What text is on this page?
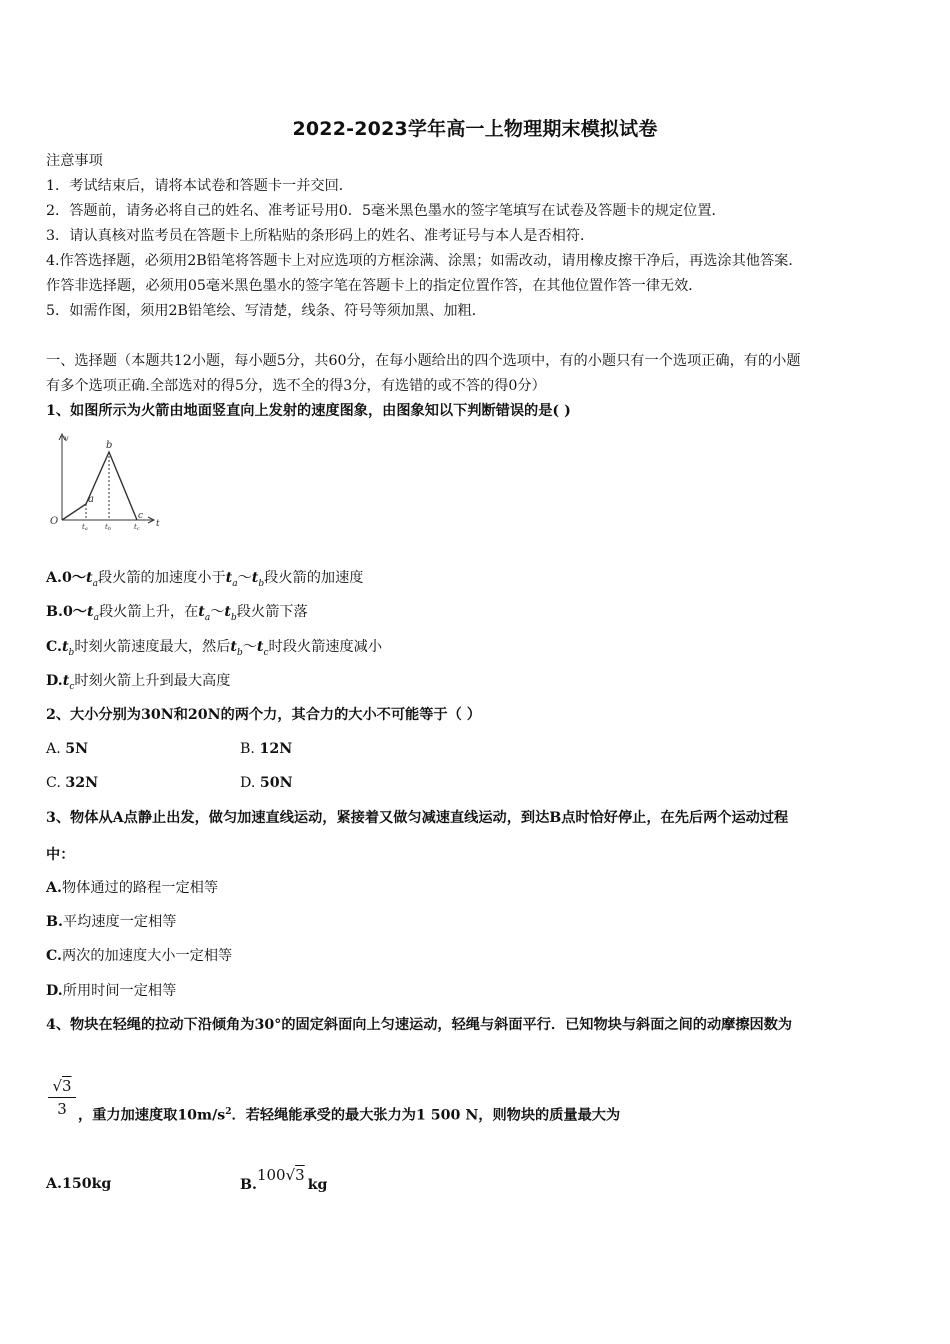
2022-2023学年高一上物理期末模拟试卷
注意事项
1．考试结束后，请将本试卷和答题卡一并交回．
2．答题前，请务必将自己的姓名、准考证号用0．5毫米黑色墨水的签字笔填写在试卷及答题卡的规定位置．
3．请认真核对监考员在答题卡上所粘贴的条形码上的姓名、准考证号与本人是否相符．
4.作答选择题，必须用2B铅笔将答题卡上对应选项的方框涂满、涂黑；如需改动，请用橡皮擦干净后，再选涂其他答案．
作答非选择题，必须用05毫米黑色墨水的签字笔在答题卡上的指定位置作答，在其他位置作答一律无效．
5．如需作图，须用2B铅笔绘、写清楚，线条、符号等须加黑、加粗．
一、选择题（本题共12小题，每小题5分，共60分，在每小题给出的四个选项中，有的小题只有一个选项正确，有的小题
有多个选项正确.全部选对的得5分，选不全的得3分，有选错的或不答的得0分）
1、如图所示为火箭由地面竖直向上发射的速度图象，由图象知以下判断错误的是( )
v
t
O
a
b
c
ta tb	tc
$A.0\sim t_a$段火箭的加速度小于$t_a\sim t_b$段火箭的加速度
$B.0\sim t_a$段火箭上升，在$t_a\sim t_b$段火箭下落
$C.t_b$时刻火箭速度最大，然后$t_b\sim t_c$时段火箭速度减小
$D.t_c$时刻火箭上升到最大高度
2、大小分别为30N和20N的两个力，其合力的大小不可能等于（ ）
A. 5N	B. 12N
C. 32N	D. 50N
3、物体从A点静止出发，做匀加速直线运动，紧接着又做匀减速直线运动，到达B点时恰好停止，在先后两个运动过程
中：
A.物体通过的路程一定相等
B.平均速度一定相等
C.两次的加速度大小一定相等
D.所用时间一定相等
4、物块在轻绳的拉动下沿倾角为30°的固定斜面向上匀速运动，轻绳与斜面平行．已知物块与斜面之间的动摩擦因数为
$\frac{√3}{3}$ ，重力加速度取$10m/s^2$．若轻绳能承受的最大张力为1 500 N，则物块的质量最大为
A.150kg	B.100√3kg
